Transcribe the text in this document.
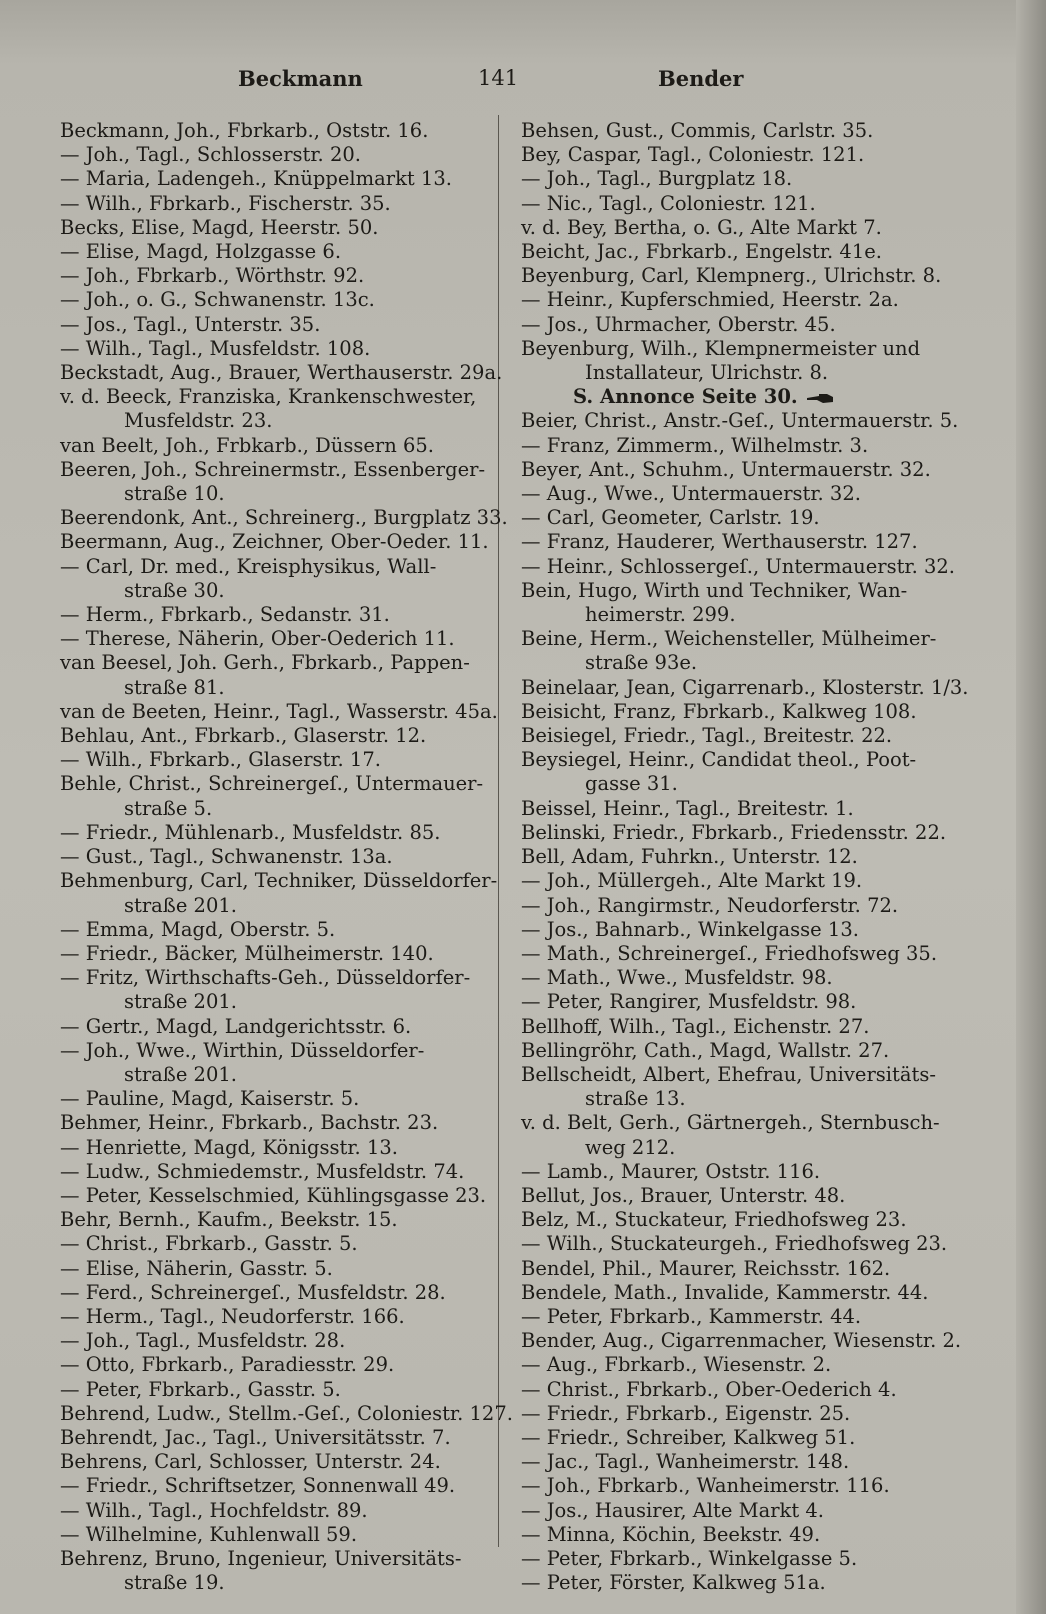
Beckmann	141	Bender
Beckmann, Joh., Fbrkarb., Oststr. 16.
— Joh., Tagl., Schlosserstr. 20.
— Maria, Ladengeh., Knüppelmarkt 13.
— Wilh., Fbrkarb., Fischerstr. 35.
Becks, Elise, Magd, Heerstr. 50.
— Elise, Magd, Holzgasse 6.
— Joh., Fbrkarb., Wörthstr. 92.
— Joh., o. G., Schwanenstr. 13c.
— Jos., Tagl., Unterstr. 35.
— Wilh., Tagl., Musfeldstr. 108.
Beckstadt, Aug., Brauer, Werthauserstr. 29a.
v. d. Beeck, Franziska, Krankenschwester,
Musfeldstr. 23.
van Beelt, Joh., Frbkarb., Düssern 65.
Beeren, Joh., Schreinermstr., Essenberger-
straße 10.
Beerendonk, Ant., Schreinerg., Burgplatz 33.
Beermann, Aug., Zeichner, Ober-Oeder. 11.
— Carl, Dr. med., Kreisphysikus, Wall-
straße 30.
— Herm., Fbrkarb., Sedanstr. 31.
— Therese, Näherin, Ober-Oederich 11.
van Beesel, Joh. Gerh., Fbrkarb., Pappen-
straße 81.
van de Beeten, Heinr., Tagl., Wasserstr. 45a.
Behlau, Ant., Fbrkarb., Glaserstr. 12.
— Wilh., Fbrkarb., Glaserstr. 17.
Behle, Christ., Schreinergeſ., Untermauer-
straße 5.
— Friedr., Mühlenarb., Musfeldstr. 85.
— Gust., Tagl., Schwanenstr. 13a.
Behmenburg, Carl, Techniker, Düsseldorfer-
straße 201.
— Emma, Magd, Oberstr. 5.
— Friedr., Bäcker, Mülheimerstr. 140.
— Fritz, Wirthschafts-Geh., Düsseldorfer-
straße 201.
— Gertr., Magd, Landgerichtsstr. 6.
— Joh., Wwe., Wirthin, Düsseldorfer-
straße 201.
— Pauline, Magd, Kaiserstr. 5.
Behmer, Heinr., Fbrkarb., Bachstr. 23.
— Henriette, Magd, Königsstr. 13.
— Ludw., Schmiedemstr., Musfeldstr. 74.
— Peter, Kesselschmied, Kühlingsgasse 23.
Behr, Bernh., Kaufm., Beekstr. 15.
— Christ., Fbrkarb., Gasstr. 5.
— Elise, Näherin, Gasstr. 5.
— Ferd., Schreinergeſ., Musfeldstr. 28.
— Herm., Tagl., Neudorferstr. 166.
— Joh., Tagl., Musfeldstr. 28.
— Otto, Fbrkarb., Paradiesstr. 29.
— Peter, Fbrkarb., Gasstr. 5.
Behrend, Ludw., Stellm.-Geſ., Coloniestr. 127.
Behrendt, Jac., Tagl., Universitätsstr. 7.
Behrens, Carl, Schlosser, Unterstr. 24.
— Friedr., Schriftsetzer, Sonnenwall 49.
— Wilh., Tagl., Hochfeldstr. 89.
— Wilhelmine, Kuhlenwall 59.
Behrenz, Bruno, Ingenieur, Universitäts-
straße 19.
Behsen, Gust., Commis, Carlstr. 35.
Bey, Caspar, Tagl., Coloniestr. 121.
— Joh., Tagl., Burgplatz 18.
— Nic., Tagl., Coloniestr. 121.
v. d. Bey, Bertha, o. G., Alte Markt 7.
Beicht, Jac., Fbrkarb., Engelstr. 41e.
Beyenburg, Carl, Klempnerg., Ulrichstr. 8.
— Heinr., Kupferschmied, Heerstr. 2a.
— Jos., Uhrmacher, Oberstr. 45.
Beyenburg, Wilh., Klempnermeister und
Installateur, Ulrichstr. 8.
S. Annonce Seite 30.
Beier, Christ., Anstr.-Geſ., Untermauerstr. 5.
— Franz, Zimmerm., Wilhelmstr. 3.
Beyer, Ant., Schuhm., Untermauerstr. 32.
— Aug., Wwe., Untermauerstr. 32.
— Carl, Geometer, Carlstr. 19.
— Franz, Hauderer, Werthauserstr. 127.
— Heinr., Schlossergeſ., Untermauerstr. 32.
Bein, Hugo, Wirth und Techniker, Wan-
heimerstr. 299.
Beine, Herm., Weichensteller, Mülheimer-
straße 93e.
Beinelaar, Jean, Cigarrenarb., Klosterstr. 1/3.
Beisicht, Franz, Fbrkarb., Kalkweg 108.
Beisiegel, Friedr., Tagl., Breitestr. 22.
Beysiegel, Heinr., Candidat theol., Poot-
gasse 31.
Beissel, Heinr., Tagl., Breitestr. 1.
Belinski, Friedr., Fbrkarb., Friedensstr. 22.
Bell, Adam, Fuhrkn., Unterstr. 12.
— Joh., Müllergeh., Alte Markt 19.
— Joh., Rangirmstr., Neudorferstr. 72.
— Jos., Bahnarb., Winkelgasse 13.
— Math., Schreinergeſ., Friedhofsweg 35.
— Math., Wwe., Musfeldstr. 98.
— Peter, Rangirer, Musfeldstr. 98.
Bellhoff, Wilh., Tagl., Eichenstr. 27.
Bellingröhr, Cath., Magd, Wallstr. 27.
Bellscheidt, Albert, Ehefrau, Universitäts-
straße 13.
v. d. Belt, Gerh., Gärtnergeh., Sternbusch-
weg 212.
— Lamb., Maurer, Oststr. 116.
Bellut, Jos., Brauer, Unterstr. 48.
Belz, M., Stuckateur, Friedhofsweg 23.
— Wilh., Stuckateurgeh., Friedhofsweg 23.
Bendel, Phil., Maurer, Reichsstr. 162.
Bendele, Math., Invalide, Kammerstr. 44.
— Peter, Fbrkarb., Kammerstr. 44.
Bender, Aug., Cigarrenmacher, Wiesenstr. 2.
— Aug., Fbrkarb., Wiesenstr. 2.
— Christ., Fbrkarb., Ober-Oederich 4.
— Friedr., Fbrkarb., Eigenstr. 25.
— Friedr., Schreiber, Kalkweg 51.
— Jac., Tagl., Wanheimerstr. 148.
— Joh., Fbrkarb., Wanheimerstr. 116.
— Jos., Hausirer, Alte Markt 4.
— Minna, Köchin, Beekstr. 49.
— Peter, Fbrkarb., Winkelgasse 5.
— Peter, Förster, Kalkweg 51a.
